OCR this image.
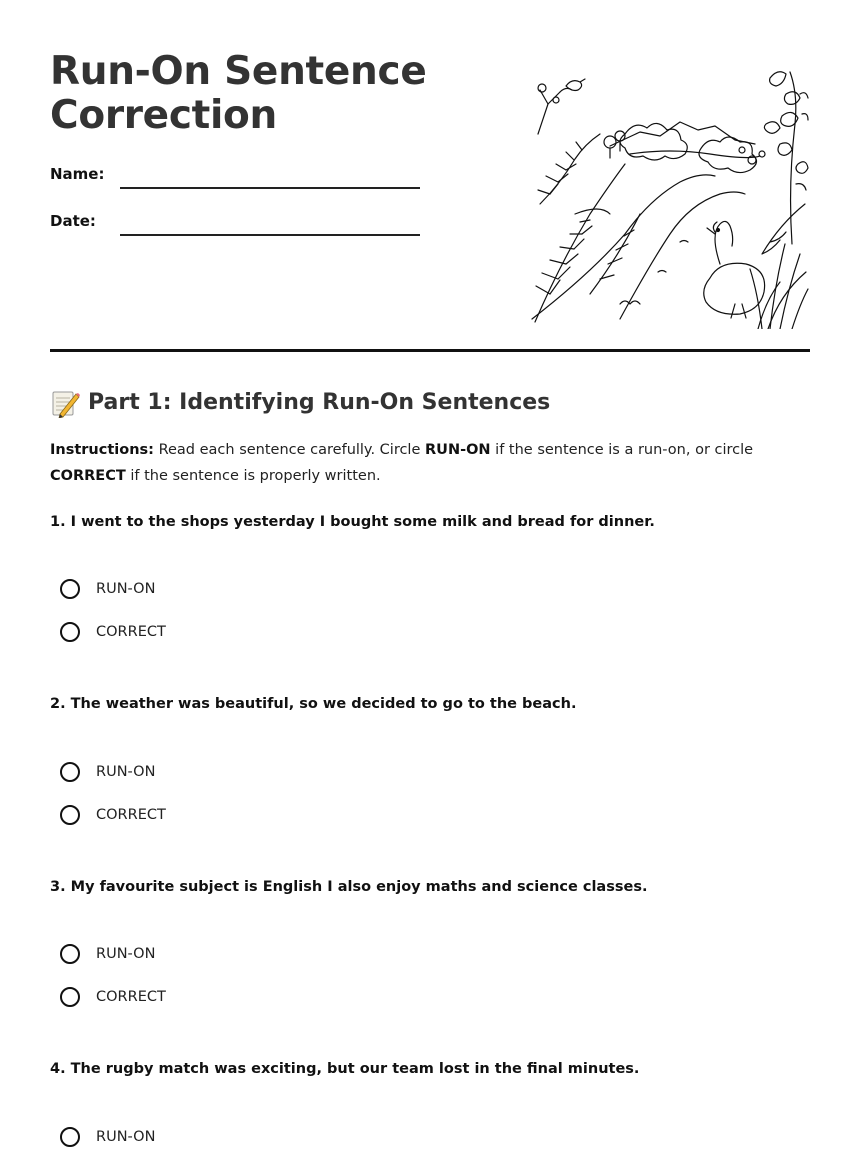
Run-On Sentence
Correction
Name:
Date:
Part 1: Identifying Run-On Sentences

Instructions: Read each sentence carefully. Circle RUN-ON if the sentence is a run-on, or circle CORRECT if the sentence is properly written.

1. I went to the shops yesterday I bought some milk and bread for dinner.

RUN-ON
CORRECT

2. The weather was beautiful, so we decided to go to the beach.

RUN-ON
CORRECT

3. My favourite subject is English I also enjoy maths and science classes.

RUN-ON
CORRECT

4. The rugby match was exciting, but our team lost in the final minutes.

RUN-ON
